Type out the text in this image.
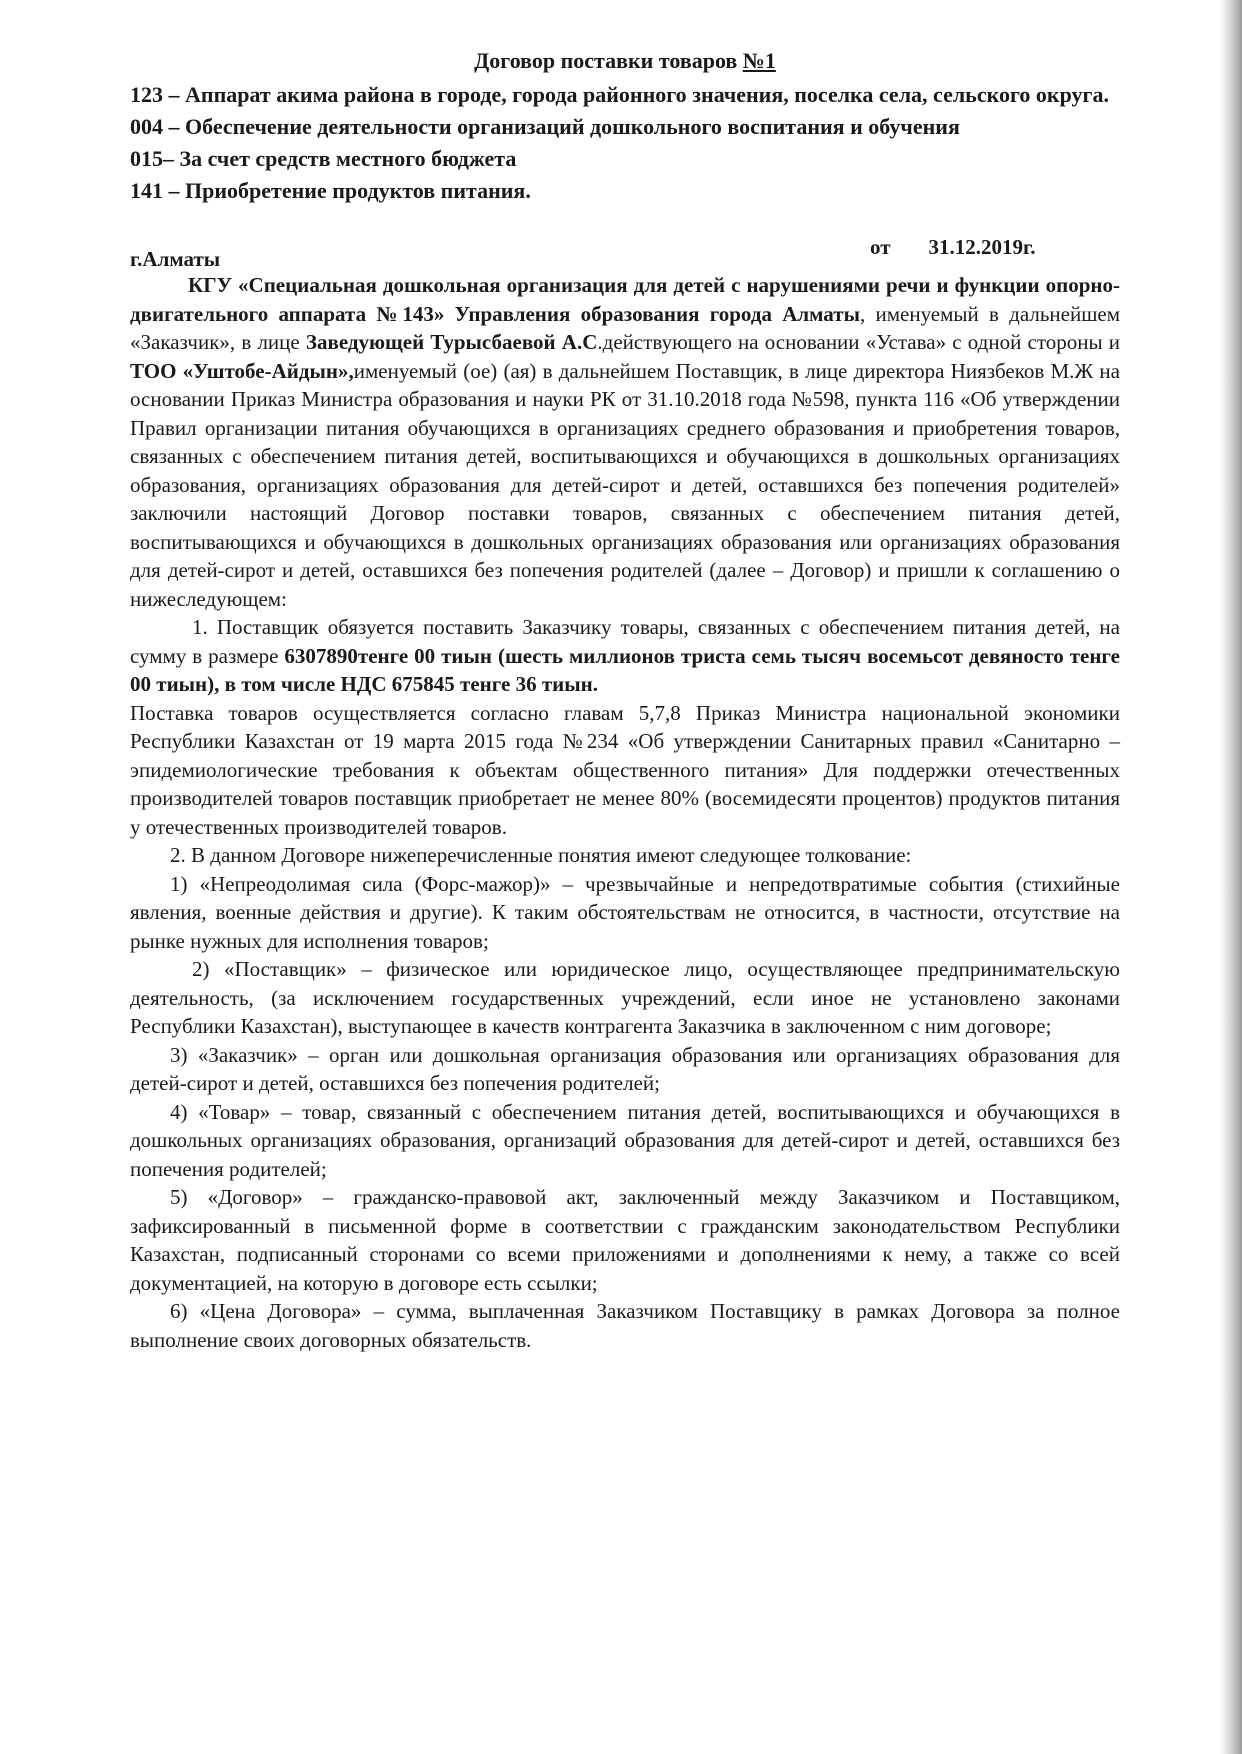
Договор поставки товаров №1

123 – Аппарат акима района в городе, города районного значения, поселка села, сельского округа.

004 – Обеспечение деятельности организаций дошкольного воспитания и обучения

015– За счет средств местного бюджета

141 – Приобретение продуктов питания.

г.Алматы	от 31.12.2019г.

КГУ «Специальная дошкольная организация для детей с нарушениями речи и функции опорно- двигательного аппарата №143» Управления образования города Алматы, именуемый в дальнейшем «Заказчик», в лице Заведующей Турысбаевой А.С.действующего на основании «Устава» с одной стороны и ТОО «Уштобе-Айдын»,именуемый (ое) (ая) в дальнейшем Поставщик, в лице директора Ниязбеков М.Ж на основании Приказ Министра образования и науки РК от 31.10.2018 года №598, пункта 116 «Об утверждении Правил организации питания обучающихся в организациях среднего образования и приобретения товаров, связанных с обеспечением питания детей, воспитывающихся и обучающихся в дошкольных организациях образования, организациях образования для детей-сирот и детей, оставшихся без попечения родителей» заключили настоящий Договор поставки товаров, связанных с обеспечением питания детей, воспитывающихся и обучающихся в дошкольных организациях образования или организациях образования для детей-сирот и детей, оставшихся без попечения родителей (далее – Договор) и пришли к соглашению о нижеследующем:

1. Поставщик обязуется поставить Заказчику товары, связанных с обеспечением питания детей, на сумму в размере 6307890тенге 00 тиын (шесть миллионов триста семь тысяч восемьсот девяносто тенге 00 тиын), в том числе НДС 675845 тенге 36 тиын.

Поставка товаров осуществляется согласно главам 5,7,8 Приказ Министра национальной экономики Республики Казахстан от 19 марта 2015 года №234 «Об утверждении Санитарных правил «Санитарно –эпидемиологические требования к объектам общественного питания» Для поддержки отечественных производителей товаров поставщик приобретает не менее 80% (восемидесяти процентов) продуктов питания у отечественных производителей товаров.

2. В данном Договоре нижеперечисленные понятия имеют следующее толкование:

1) «Непреодолимая сила (Форс-мажор)» – чрезвычайные и непредотвратимые события (стихийные явления, военные действия и другие). К таким обстоятельствам не относится, в частности, отсутствие на рынке нужных для исполнения товаров;

2) «Поставщик» – физическое или юридическое лицо, осуществляющее предпринимательскую деятельность, (за исключением государственных учреждений, если иное не установлено законами Республики Казахстан), выступающее в качеств контрагента Заказчика в заключенном с ним договоре;

3) «Заказчик» – орган или дошкольная организация образования или организациях образования для детей-сирот и детей, оставшихся без попечения родителей;

4) «Товар» – товар, связанный с обеспечением питания детей, воспитывающихся и обучающихся в дошкольных организациях образования, организаций образования для детей-сирот и детей, оставшихся без попечения родителей;

5) «Договор» – гражданско-правовой акт, заключенный между Заказчиком и Поставщиком, зафиксированный в письменной форме в соответствии с гражданским законодательством Республики Казахстан, подписанный сторонами со всеми приложениями и дополнениями к нему, а также со всей документацией, на которую в договоре есть ссылки;

6) «Цена Договора» – сумма, выплаченная Заказчиком Поставщику в рамках Договора за полное выполнение своих договорных обязательств.
